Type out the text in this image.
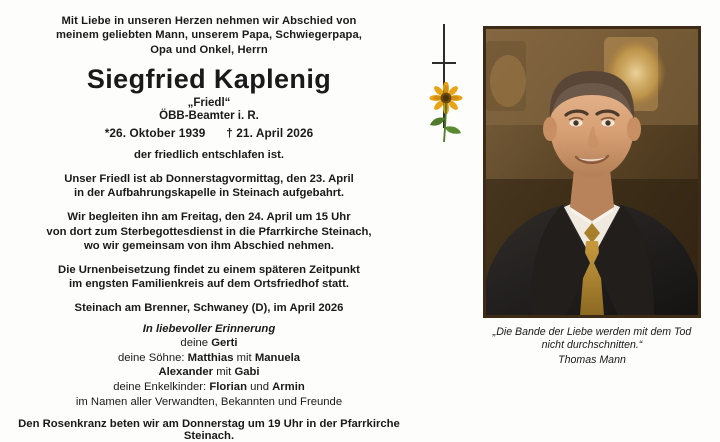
Mit Liebe in unseren Herzen nehmen wir Abschied von
meinem geliebten Mann, unserem Papa, Schwiegerpapa,
Opa und Onkel, Herrn
Siegfried Kaplenig
„Friedl“
ÖBB-Beamter i. R.
*26. Oktober 1939 † 21. April 2026
der friedlich entschlafen ist.
Unser Friedl ist ab Donnerstagvormittag, den 23. April
in der Aufbahrungskapelle in Steinach aufgebahrt.
Wir begleiten ihn am Freitag, den 24. April um 15 Uhr
von dort zum Sterbegottesdienst in die Pfarrkirche Steinach,
wo wir gemeinsam von ihm Abschied nehmen.
Die Urnenbeisetzung findet zu einem späteren Zeitpunkt
im engsten Familienkreis auf dem Ortsfriedhof statt.
Steinach am Brenner, Schwaney (D), im April 2026
In liebevoller Erinnerung
deine Gerti
deine Söhne: Matthias mit Manuela
Alexander mit Gabi
deine Enkelkinder: Florian und Armin
im Namen aller Verwandten, Bekannten und Freunde
Den Rosenkranz beten wir am Donnerstag um 19 Uhr in der Pfarrkirche Steinach.
„Die Bande der Liebe werden mit dem Tod nicht durchschnitten.“
Thomas Mann
